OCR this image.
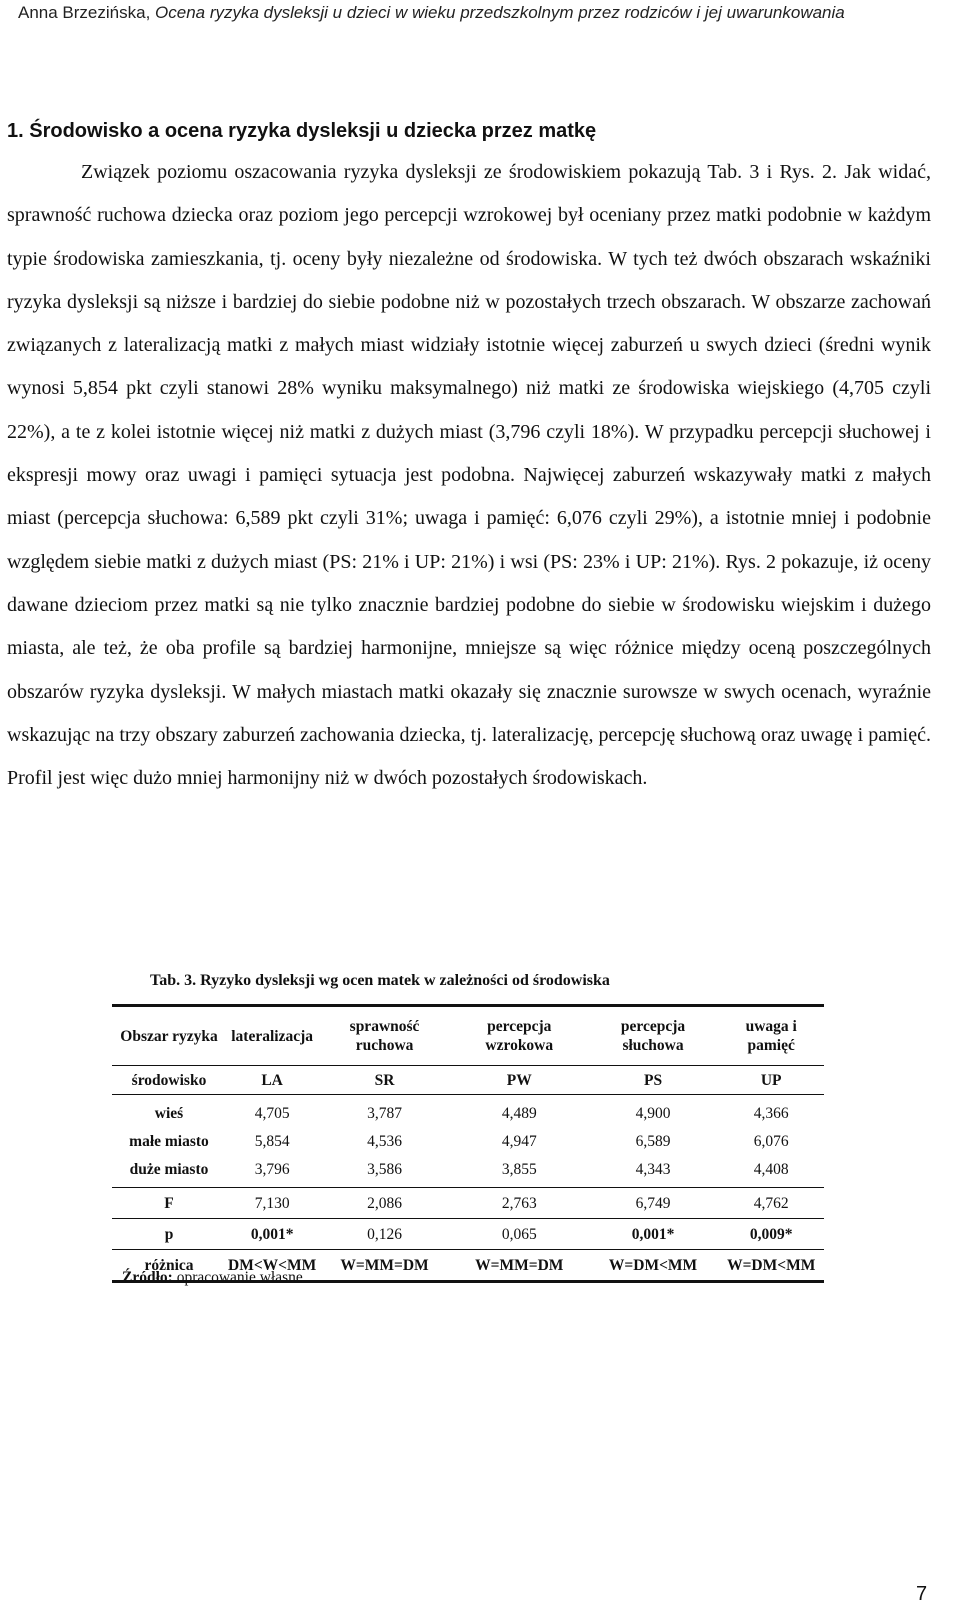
Anna Brzezińska, Ocena ryzyka dysleksji u dzieci w wieku przedszkolnym przez rodziców i jej uwarunkowania
1. Środowisko a ocena ryzyka dysleksji u dziecka przez matkę

Związek poziomu oszacowania ryzyka dysleksji ze środowiskiem pokazują Tab. 3 i Rys. 2. Jak widać, sprawność ruchowa dziecka oraz poziom jego percepcji wzrokowej był oceniany przez matki podobnie w każdym typie środowiska zamieszkania, tj. oceny były niezależne od środowiska. W tych też dwóch obszarach wskaźniki ryzyka dysleksji są niższe i bardziej do siebie podobne niż w pozostałych trzech obszarach. W obszarze zachowań związanych z lateralizacją matki z małych miast widziały istotnie więcej zaburzeń u swych dzieci (średni wynik wynosi 5,854 pkt czyli stanowi 28% wyniku maksymalnego) niż matki ze środowiska wiejskiego (4,705 czyli 22%), a te z kolei istotnie więcej niż matki z dużych miast (3,796 czyli 18%). W przypadku percepcji słuchowej i ekspresji mowy oraz uwagi i pamięci sytuacja jest podobna. Najwięcej zaburzeń wskazywały matki z małych miast (percepcja słuchowa: 6,589 pkt czyli 31%; uwaga i pamięć: 6,076 czyli 29%), a istotnie mniej i podobnie względem siebie matki z dużych miast (PS: 21% i UP: 21%) i wsi (PS: 23% i UP: 21%). Rys. 2 pokazuje, iż oceny dawane dzieciom przez matki są nie tylko znacznie bardziej podobne do siebie w środowisku wiejskim i dużego miasta, ale też, że oba profile są bardziej harmonijne, mniejsze są więc różnice między oceną poszczególnych obszarów ryzyka dysleksji. W małych miastach matki okazały się znacznie surowsze w swych ocenach, wyraźnie wskazując na trzy obszary zaburzeń zachowania dziecka, tj. lateralizację, percepcję słuchową oraz uwagę i pamięć. Profil jest więc dużo mniej harmonijny niż w dwóch pozostałych środowiskach.

Tab. 3. Ryzyko dysleksji wg ocen matek w zależności od środowiska

Obszar ryzyka	lateralizacja	sprawność ruchowa	percepcja wzrokowa	percepcja słuchowa	uwaga i pamięć
środowisko	LA	SR	PW	PS	UP
wieś	4,705	3,787	4,489	4,900	4,366
małe miasto	5,854	4,536	4,947	6,589	6,076
duże miasto	3,796	3,586	3,855	4,343	4,408
F	7,130	2,086	2,763	6,749	4,762
p	0,001*	0,126	0,065	0,001*	0,009*
różnica	DM<W<MM	W=MM=DM	W=MM=DM	W=DM<MM	W=DM<MM
Źródło: opracowanie własne
7
